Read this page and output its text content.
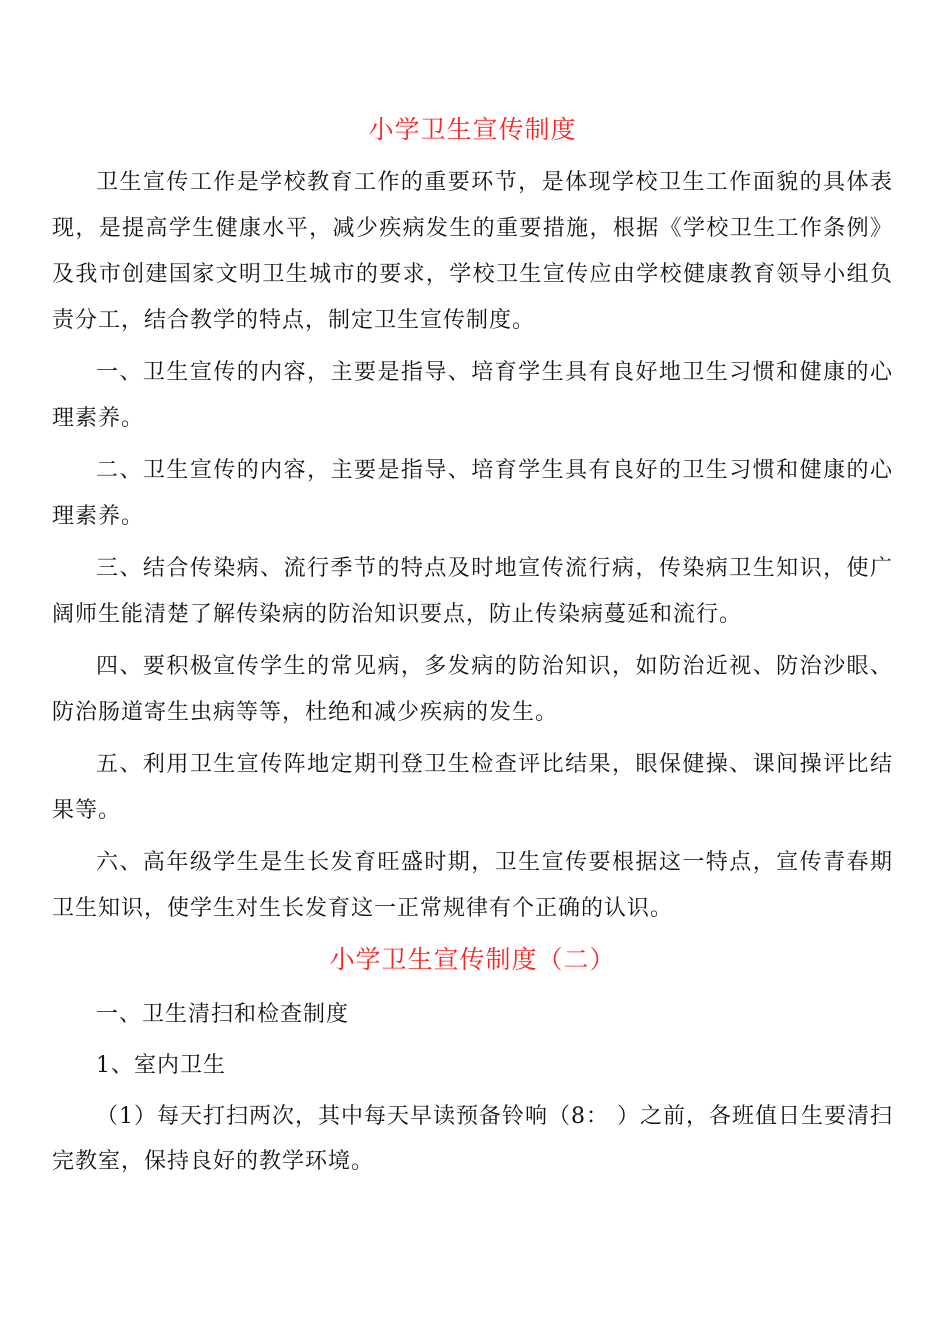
小学卫生宣传制度

卫生宣传工作是学校教育工作的重要环节，是体现学校卫生工作面貌的具体表现，是提高学生健康水平，减少疾病发生的重要措施，根据《学校卫生工作条例》及我市创建国家文明卫生城市的要求，学校卫生宣传应由学校健康教育领导小组负责分工，结合教学的特点，制定卫生宣传制度。

一、卫生宣传的内容，主要是指导、培育学生具有良好地卫生习惯和健康的心理素养。

二、卫生宣传的内容，主要是指导、培育学生具有良好的卫生习惯和健康的心理素养。

三、结合传染病、流行季节的特点及时地宣传流行病，传染病卫生知识，使广阔师生能清楚了解传染病的防治知识要点，防止传染病蔓延和流行。

四、要积极宣传学生的常见病，多发病的防治知识，如防治近视、防治沙眼、防治肠道寄生虫病等等，杜绝和减少疾病的发生。

五、利用卫生宣传阵地定期刊登卫生检查评比结果，眼保健操、课间操评比结果等。

六、高年级学生是生长发育旺盛时期，卫生宣传要根据这一特点，宣传青春期卫生知识，使学生对生长发育这一正常规律有个正确的认识。

小学卫生宣传制度（二）

一、卫生清扫和检查制度

1、室内卫生

（1）每天打扫两次，其中每天早读预备铃响（8： ）之前，各班值日生要清扫完教室，保持良好的教学环境。
